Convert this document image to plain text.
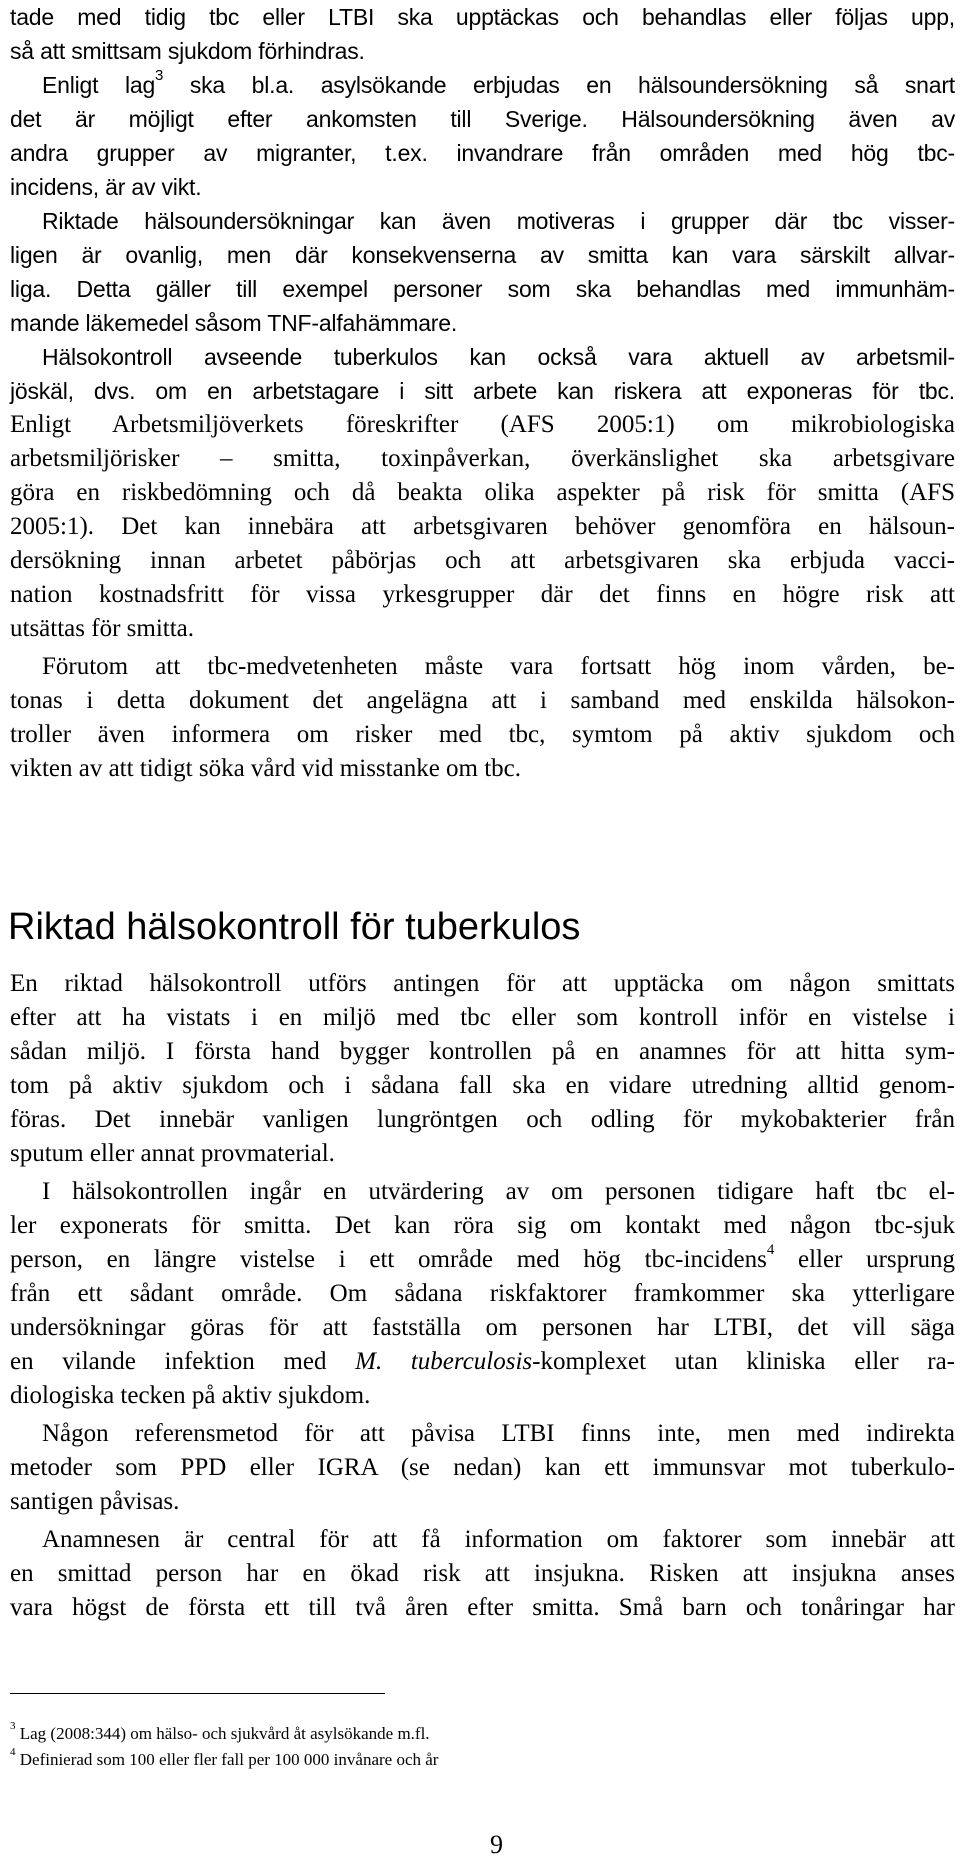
tade med tidig tbc eller LTBI ska upptäckas och behandlas eller följas upp,
så att smittsam sjukdom förhindras.
Enligt lag$^3$ ska bl.a. asylsökande erbjudas en hälsoundersökning så snart
det är möjligt efter ankomsten till Sverige. Hälsoundersökning även av
andra grupper av migranter, t.ex. invandrare från områden med hög tbc-
incidens, är av vikt.
Riktade hälsoundersökningar kan även motiveras i grupper där tbc visser-
ligen är ovanlig, men där konsekvenserna av smitta kan vara särskilt allvar-
liga. Detta gäller till exempel personer som ska behandlas med immunhäm-
mande läkemedel såsom TNF-alfahämmare.
Hälsokontroll avseende tuberkulos kan också vara aktuell av arbetsmil-
jöskäl, dvs. om en arbetstagare i sitt arbete kan riskera att exponeras för tbc.
Enligt Arbetsmiljöverkets föreskrifter (AFS 2005:1) om mikrobiologiska
arbetsmiljörisker – smitta, toxinpåverkan, överkänslighet ska arbetsgivare
göra en riskbedömning och då beakta olika aspekter på risk för smitta (AFS
2005:1). Det kan innebära att arbetsgivaren behöver genomföra en hälsoun-
dersökning innan arbetet påbörjas och att arbetsgivaren ska erbjuda vacci-
nation kostnadsfritt för vissa yrkesgrupper där det finns en högre risk att
utsättas för smitta.
Förutom att tbc-medvetenheten måste vara fortsatt hög inom vården, be-
tonas i detta dokument det angelägna att i samband med enskilda hälsokon-
troller även informera om risker med tbc, symtom på aktiv sjukdom och
vikten av att tidigt söka vård vid misstanke om tbc.
Riktad hälsokontroll för tuberkulos
En riktad hälsokontroll utförs antingen för att upptäcka om någon smittats
efter att ha vistats i en miljö med tbc eller som kontroll inför en vistelse i
sådan miljö. I första hand bygger kontrollen på en anamnes för att hitta sym-
tom på aktiv sjukdom och i sådana fall ska en vidare utredning alltid genom-
föras. Det innebär vanligen lungröntgen och odling för mykobakterier från
sputum eller annat provmaterial.
I hälsokontrollen ingår en utvärdering av om personen tidigare haft tbc el-
ler exponerats för smitta. Det kan röra sig om kontakt med någon tbc-sjuk
person, en längre vistelse i ett område med hög tbc-incidens$^4$ eller ursprung
från ett sådant område. Om sådana riskfaktorer framkommer ska ytterligare
undersökningar göras för att fastställa om personen har LTBI, det vill säga
en vilande infektion med M. tuberculosis-komplexet utan kliniska eller ra-
diologiska tecken på aktiv sjukdom.
Någon referensmetod för att påvisa LTBI finns inte, men med indirekta
metoder som PPD eller IGRA (se nedan) kan ett immunsvar mot tuberkulo-
santigen påvisas.
Anamnesen är central för att få information om faktorer som innebär att
en smittad person har en ökad risk att insjukna. Risken att insjukna anses
vara högst de första ett till två åren efter smitta. Små barn och tonåringar har
$^3$ Lag (2008:344) om hälso- och sjukvård åt asylsökande m.fl.
$^4$ Definierad som 100 eller fler fall per 100 000 invånare och år
9
